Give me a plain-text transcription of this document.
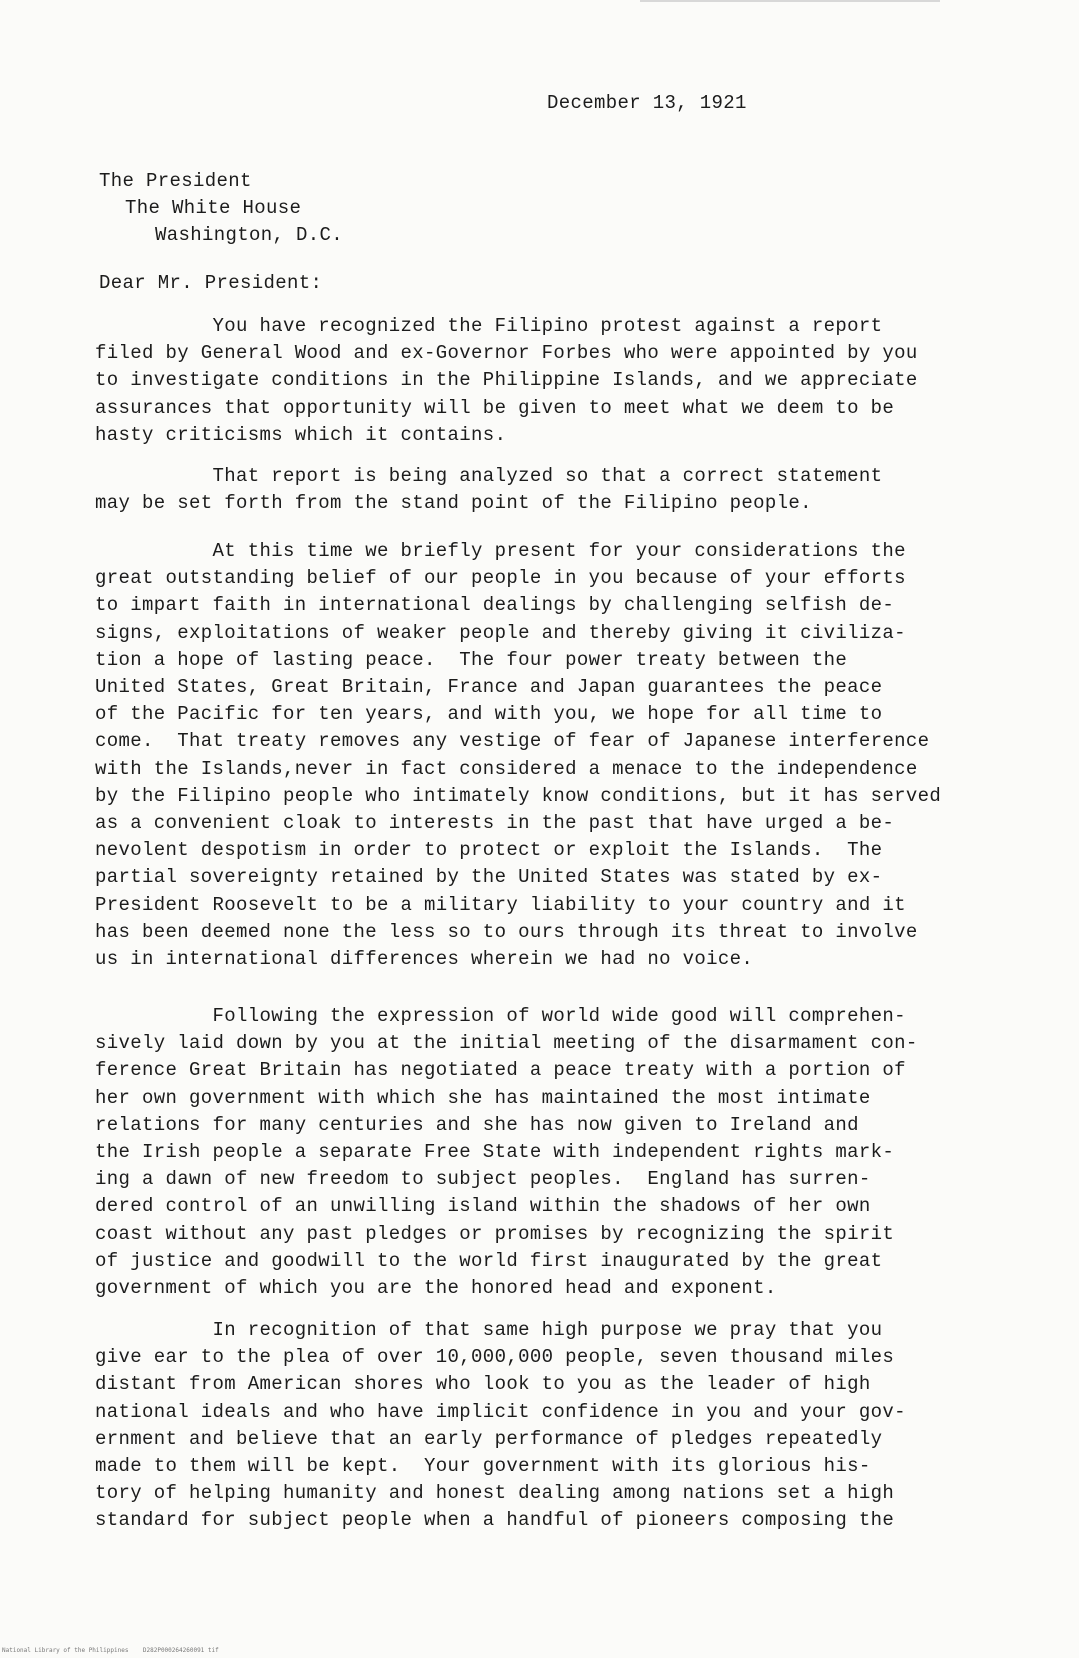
December 13, 1921
The President
The White House
Washington, D.C.
Dear Mr. President:
You have recognized the Filipino protest against a report
filed by General Wood and ex-Governor Forbes who were appointed by you
to investigate conditions in the Philippine Islands, and we appreciate
assurances that opportunity will be given to meet what we deem to be
hasty criticisms which it contains.
That report is being analyzed so that a correct statement
may be set forth from the stand point of the Filipino people.
At this time we briefly present for your considerations the
great outstanding belief of our people in you because of your efforts
to impart faith in international dealings by challenging selfish de-
signs, exploitations of weaker people and thereby giving it civiliza-
tion a hope of lasting peace.  The four power treaty between the
United States, Great Britain, France and Japan guarantees the peace
of the Pacific for ten years, and with you, we hope for all time to
come.  That treaty removes any vestige of fear of Japanese interference
with the Islands,never in fact considered a menace to the independence
by the Filipino people who intimately know conditions, but it has served
as a convenient cloak to interests in the past that have urged a be-
nevolent despotism in order to protect or exploit the Islands.  The
partial sovereignty retained by the United States was stated by ex-
President Roosevelt to be a military liability to your country and it
has been deemed none the less so to ours through its threat to involve
us in international differences wherein we had no voice.
Following the expression of world wide good will comprehen-
sively laid down by you at the initial meeting of the disarmament con-
ference Great Britain has negotiated a peace treaty with a portion of
her own government with which she has maintained the most intimate
relations for many centuries and she has now given to Ireland and
the Irish people a separate Free State with independent rights mark-
ing a dawn of new freedom to subject peoples.  England has surren-
dered control of an unwilling island within the shadows of her own
coast without any past pledges or promises by recognizing the spirit
of justice and goodwill to the world first inaugurated by the great
government of which you are the honored head and exponent.
In recognition of that same high purpose we pray that you
give ear to the plea of over 10,000,000 people, seven thousand miles
distant from American shores who look to you as the leader of high
national ideals and who have implicit confidence in you and your gov-
ernment and believe that an early performance of pledges repeatedly
made to them will be kept.  Your government with its glorious his-
tory of helping humanity and honest dealing among nations set a high
standard for subject people when a handful of pioneers composing the
National Library of the Philippines    D282P000264260091 tif
